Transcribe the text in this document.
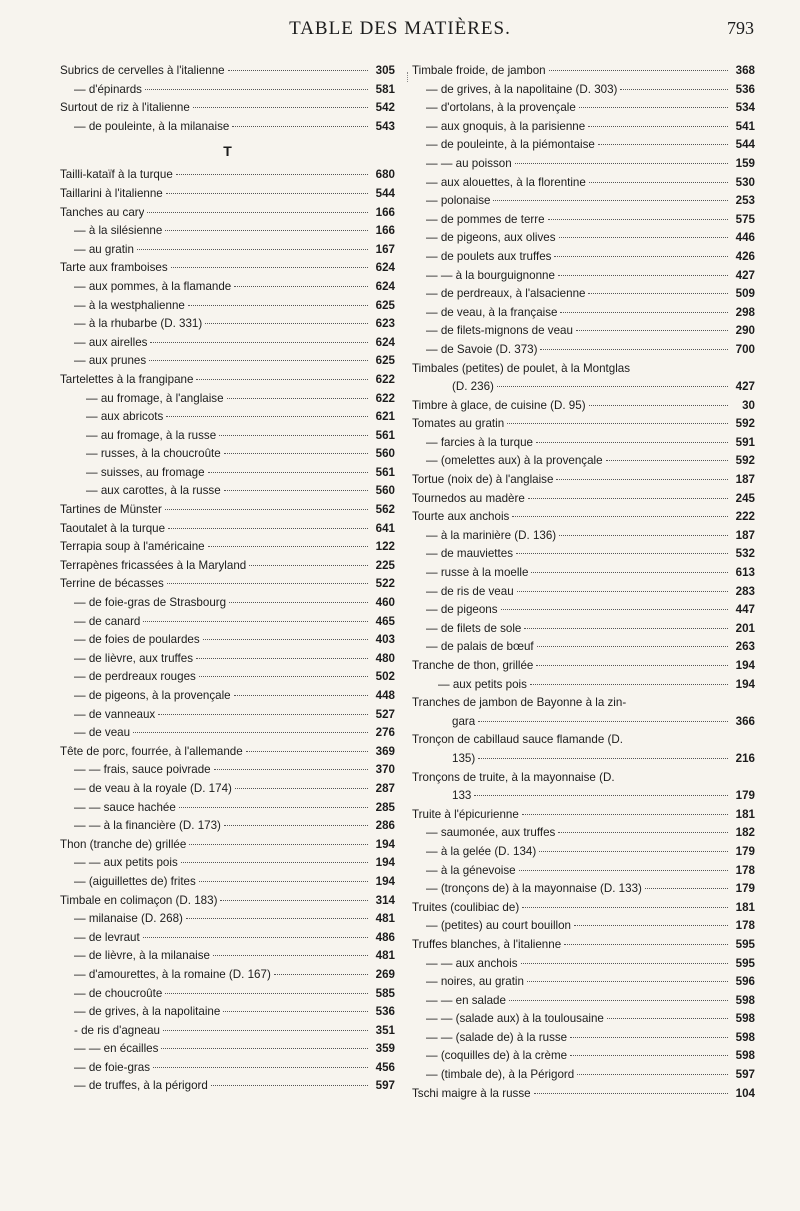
TABLE DES MATIÈRES.	793
Subrics de cervelles à l'italienne	305
— d'épinards	581
Surtout de riz à l'italienne	542
— de pouleinte, à la milanaise	543
T
Tailli-kataïf à la turque	680
Taillarini à l'italienne	544
Tanches au cary	166
— à la silésienne	166
— au gratin	167
Tarte aux framboises	624
— aux pommes, à la flamande	624
— à la westphalienne	625
— à la rhubarbe (D. 331)	623
— aux airelles	624
— aux prunes	625
Tartelettes à la frangipane	622
— au fromage, à l'anglaise	622
— aux abricots	621
— au fromage, à la russe	561
— russes, à la choucroûte	560
— suisses, au fromage	561
— aux carottes, à la russe	560
Tartines de Münster	562
Taoutalet à la turque	641
Terrapia soup à l'américaine	122
Terrapènes fricassées à la Maryland	225
Terrine de bécasses	522
— de foie-gras de Strasbourg	460
— de canard	465
— de foies de poulardes	403
— de lièvre, aux truffes	480
— de perdreaux rouges	502
— de pigeons, à la provençale	448
— de vanneaux	527
— de veau	276
Tête de porc, fourrée, à l'allemande	369
— — frais, sauce poivrade	370
— de veau à la royale (D. 174)	287
— — sauce hachée	285
— — à la financière (D. 173)	286
Thon (tranche de) grillée	194
— — aux petits pois	194
— (aiguillettes de) frites	194
Timbale en colimaçon (D. 183)	314
— milanaise (D. 268)	481
— de levraut	486
— de lièvre, à la milanaise	481
— d'amourettes, à la romaine (D. 167)	269
— de choucroûte	585
— de grives, à la napolitaine	536
- de ris d'agneau	351
— — en écailles	359
— de foie-gras	456
— de truffes, à la périgord	597
Timbale froide, de jambon	368
— de grives, à la napolitaine (D. 303)	536
— d'ortolans, à la provençale	534
— aux gnoquis, à la parisienne	541
— de pouleinte, à la piémontaise	544
— — au poisson	159
— aux alouettes, à la florentine	530
— polonaise	253
— de pommes de terre	575
— de pigeons, aux olives	446
— de poulets aux truffes	426
— — à la bourguignonne	427
— de perdreaux, à l'alsacienne	509
— de veau, à la française	298
— de filets-mignons de veau	290
— de Savoie (D. 373)	700
Timbales (petites) de poulet, à la Montglas
(D. 236)	427
Timbre à glace, de cuisine (D. 95)	30
Tomates au gratin	592
— farcies à la turque	591
— (omelettes aux) à la provençale	592
Tortue (noix de) à l'anglaise	187
Tournedos au madère	245
Tourte aux anchois	222
— à la marinière (D. 136)	187
— de mauviettes	532
— russe à la moelle	613
— de ris de veau	283
— de pigeons	447
— de filets de sole	201
— de palais de bœuf	263
Tranche de thon, grillée	194
— aux petits pois	194
Tranches de jambon de Bayonne à la zin-
gara	366
Tronçon de cabillaud sauce flamande (D.
135)	216
Tronçons de truite, à la mayonnaise (D.
133	179
Truite à l'épicurienne	181
— saumonée, aux truffes	182
— à la gelée (D. 134)	179
— à la génevoise	178
— (tronçons de) à la mayonnaise (D. 133)	179
Truites (coulibiac de)	181
— (petites) au court bouillon	178
Truffes blanches, à l'italienne	595
— — aux anchois	595
— noires, au gratin	596
— — en salade	598
— — (salade aux) à la toulousaine	598
— — (salade de) à la russe	598
— (coquilles de) à la crème	598
— (timbale de), à la Périgord	597
Tschi maigre à la russe	104
